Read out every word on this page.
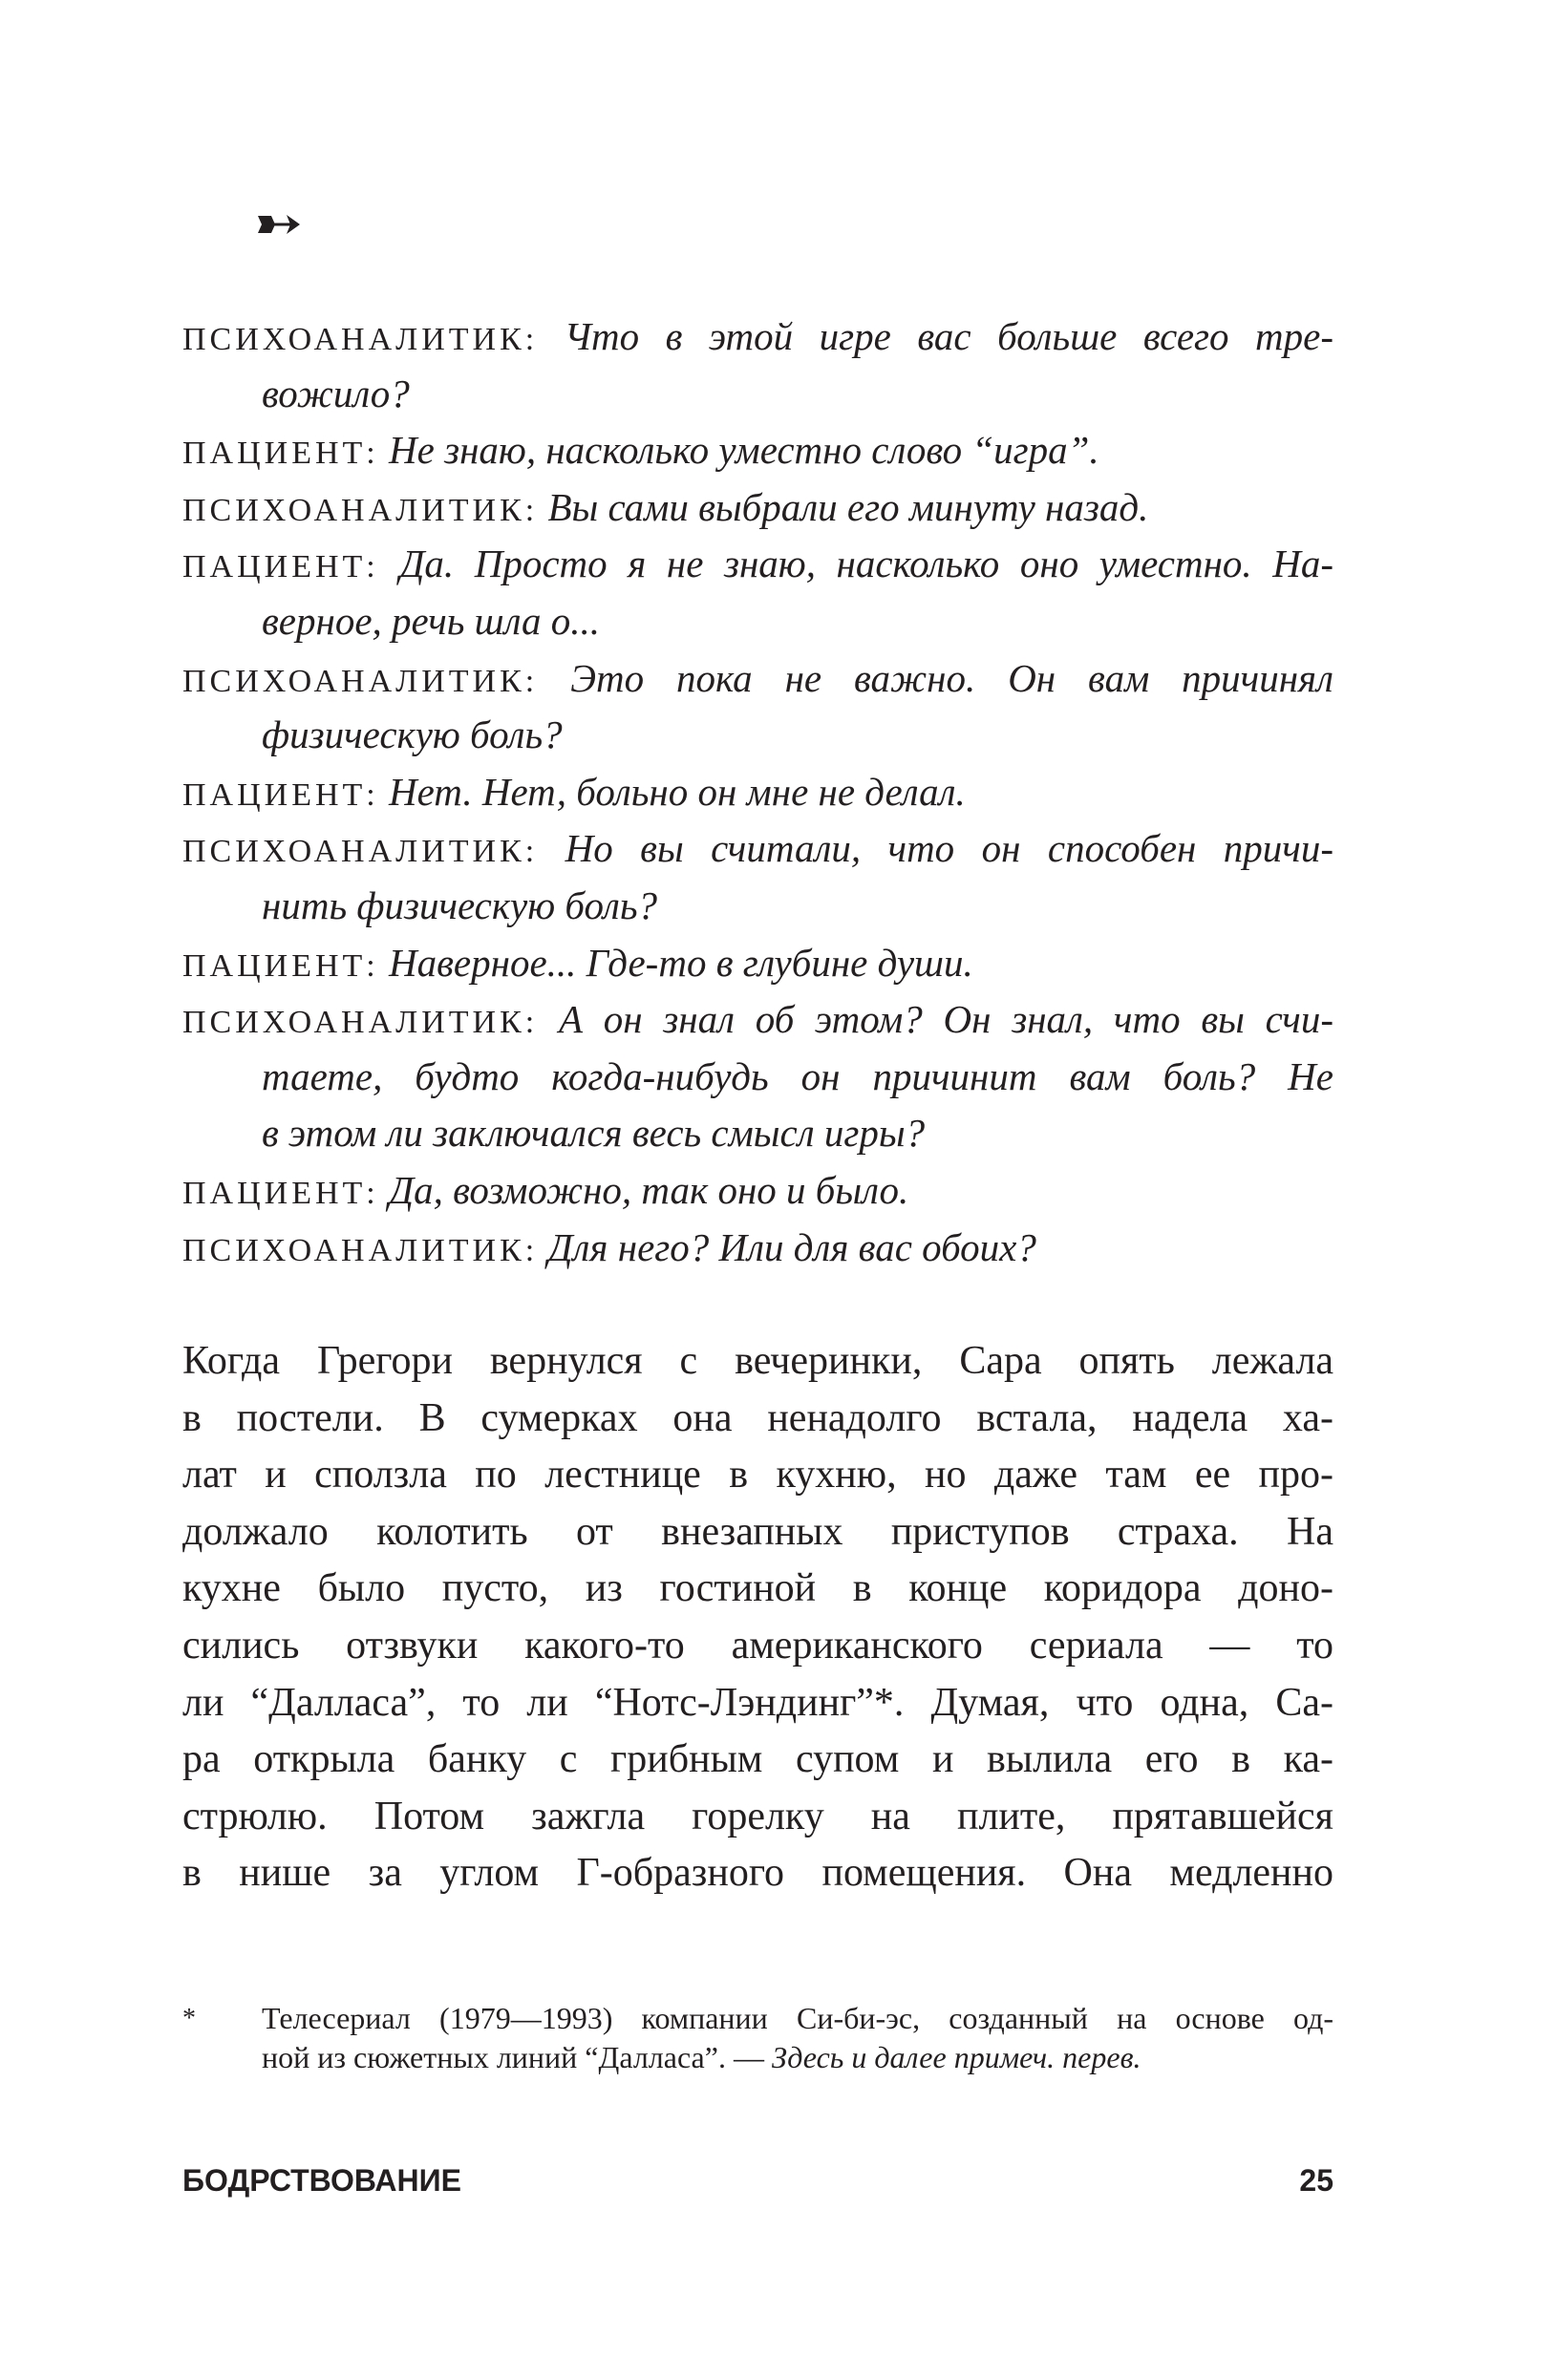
ПСИХОАНАЛИТИК: Что в этой игре вас больше всего тре-
вожило?
ПАЦИЕНТ: Не знаю, насколько уместно слово “игра”.
ПСИХОАНАЛИТИК: Вы сами выбрали его минуту назад.
ПАЦИЕНТ: Да. Просто я не знаю, насколько оно уместно. На-
верное, речь шла о...
ПСИХОАНАЛИТИК: Это пока не важно. Он вам причинял
физическую боль?
ПАЦИЕНТ: Нет. Нет, больно он мне не делал.
ПСИХОАНАЛИТИК: Но вы считали, что он способен причи-
нить физическую боль?
ПАЦИЕНТ: Наверное... Где-то в глубине души.
ПСИХОАНАЛИТИК: А он знал об этом? Он знал, что вы счи-
таете, будто когда-нибудь он причинит вам боль? Не
в этом ли заключался весь смысл игры?
ПАЦИЕНТ: Да, возможно, так оно и было.
ПСИХОАНАЛИТИК: Для него? Или для вас обоих?
Когда Грегори вернулся с вечеринки, Сара опять лежала
в постели. В сумерках она ненадолго встала, надела ха-
лат и сползла по лестнице в кухню, но даже там ее про-
должало колотить от внезапных приступов страха. На
кухне было пусто, из гостиной в конце коридора доно-
сились отзвуки какого-то американского сериала — то
ли “Далласа”, то ли “Нотс-Лэндинг”*. Думая, что одна, Са-
ра открыла банку с грибным супом и вылила его в ка-
стрюлю. Потом зажгла горелку на плите, прятавшейся
в нише за углом Г-образного помещения. Она медленно
* Телесериал (1979—1993) компании Си-би-эс, созданный на основе од-
ной из сюжетных линий “Далласа”. — Здесь и далее примеч. перев.
БОДРСТВОВАНИЕ	25
